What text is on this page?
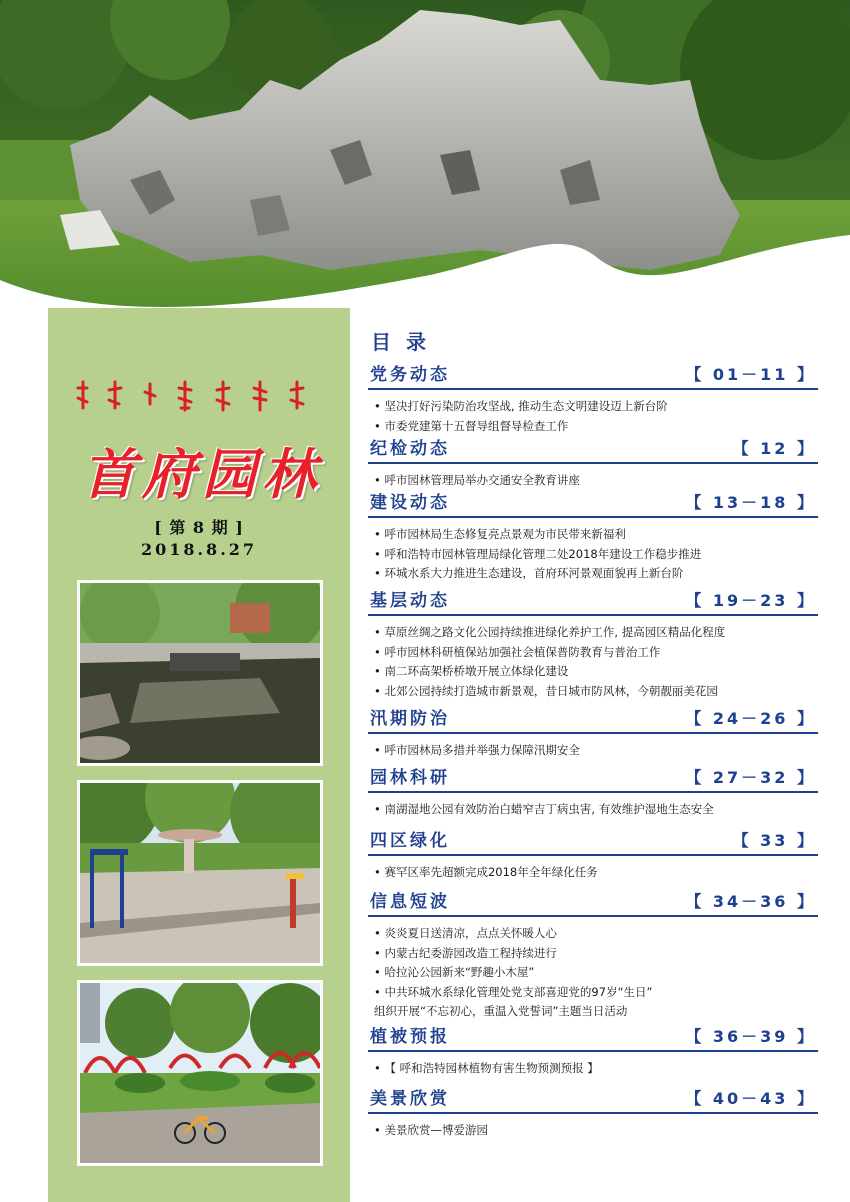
首府园林
[ 第 8 期 ]
2018.8.27
目 录
党务动态	【 01－11 】
• 坚决打好污染防治攻坚战, 推动生态文明建设迈上新台阶
• 市委党建第十五督导组督导检查工作
纪检动态	【 12 】
• 呼市园林管理局举办交通安全教育讲座
建设动态	【 13－18 】
• 呼市园林局生态修复亮点景观为市民带来新福利
• 呼和浩特市园林管理局绿化管理二处2018年建设工作稳步推进
• 环城水系大力推进生态建设，首府环河景观面貌再上新台阶
基层动态	【 19－23 】
• 草原丝绸之路文化公园持续推进绿化养护工作, 提高园区精品化程度
• 呼市园林科研植保站加强社会植保普防教育与普治工作
• 南二环高架桥桥墩开展立体绿化建设
• 北郊公园持续打造城市新景观，昔日城市防风林，今朝靓丽美花园
汛期防治	【 24－26 】
• 呼市园林局多措并举强力保障汛期安全
园林科研	【 27－32 】
• 南湖湿地公园有效防治白蜡窄吉丁病虫害, 有效维护湿地生态安全
四区绿化	【 33 】
• 赛罕区率先超额完成2018年全年绿化任务
信息短波	【 34－36 】
• 炎炎夏日送清凉，点点关怀暖人心
• 内蒙古纪委游园改造工程持续进行
• 哈拉沁公园新来“野趣小木屋”
• 中共环城水系绿化管理处党支部喜迎党的97岁“生日”
组织开展“不忘初心，重温入党誓词”主题当日活动
植被预报	【 36－39 】
• 【 呼和浩特园林植物有害生物预测预报 】
美景欣赏	【 40－43 】
• 美景欣赏—博爱游园
